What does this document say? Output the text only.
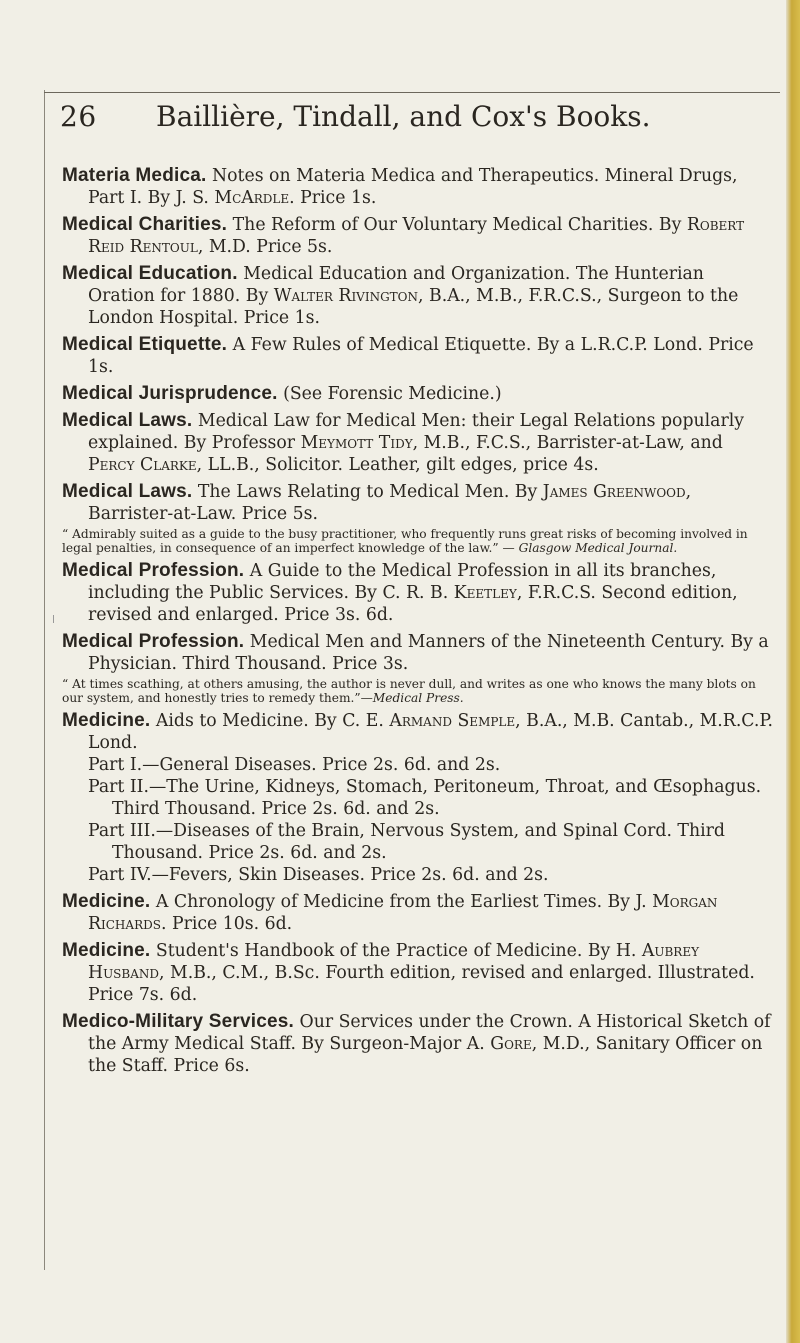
26 Baillière, Tindall, and Cox's Books.
Materia Medica. Notes on Materia Medica and Therapeutics. Mineral Drugs, Part I. By J. S. McArdle. Price 1s.
Medical Charities. The Reform of Our Voluntary Medical Charities. By Robert Reid Rentoul, M.D. Price 5s.
Medical Education. Medical Education and Organization. The Hunterian Oration for 1880. By Walter Rivington, B.A., M.B., F.R.C.S., Surgeon to the London Hospital. Price 1s.
Medical Etiquette. A Few Rules of Medical Etiquette. By a L.R.C.P. Lond. Price 1s.
Medical Jurisprudence. (See Forensic Medicine.)
Medical Laws. Medical Law for Medical Men: their Legal Relations popularly explained. By Professor Meymott Tidy, M.B., F.C.S., Barrister-at-Law, and Percy Clarke, LL.B., Solicitor. Leather, gilt edges, price 4s.
Medical Laws. The Laws Relating to Medical Men. By James Greenwood, Barrister-at-Law. Price 5s.
“ Admirably suited as a guide to the busy practitioner, who frequently runs great risks of becoming involved in legal penalties, in consequence of an imperfect knowledge of the law.” — Glasgow Medical Journal.
Medical Profession. A Guide to the Medical Profession in all its branches, including the Public Services. By C. R. B. Keetley, F.R.C.S. Second edition, revised and enlarged. Price 3s. 6d.
Medical Profession. Medical Men and Manners of the Nineteenth Century. By a Physician. Third Thousand. Price 3s.
“ At times scathing, at others amusing, the author is never dull, and writes as one who knows the many blots on our system, and honestly tries to remedy them.”—Medical Press.
Medicine. Aids to Medicine. By C. E. Armand Semple, B.A., M.B. Cantab., M.R.C.P. Lond.
Part I.—General Diseases. Price 2s. 6d. and 2s.
Part II.—The Urine, Kidneys, Stomach, Peritoneum, Throat, and Œsophagus. Third Thousand. Price 2s. 6d. and 2s.
Part III.—Diseases of the Brain, Nervous System, and Spinal Cord. Third Thousand. Price 2s. 6d. and 2s.
Part IV.—Fevers, Skin Diseases. Price 2s. 6d. and 2s.
Medicine. A Chronology of Medicine from the Earliest Times. By J. Morgan Richards. Price 10s. 6d.
Medicine. Student's Handbook of the Practice of Medicine. By H. Aubrey Husband, M.B., C.M., B.Sc. Fourth edition, revised and enlarged. Illustrated. Price 7s. 6d.
Medico-Military Services. Our Services under the Crown. A Historical Sketch of the Army Medical Staff. By Surgeon-Major A. Gore, M.D., Sanitary Officer on the Staff. Price 6s.
